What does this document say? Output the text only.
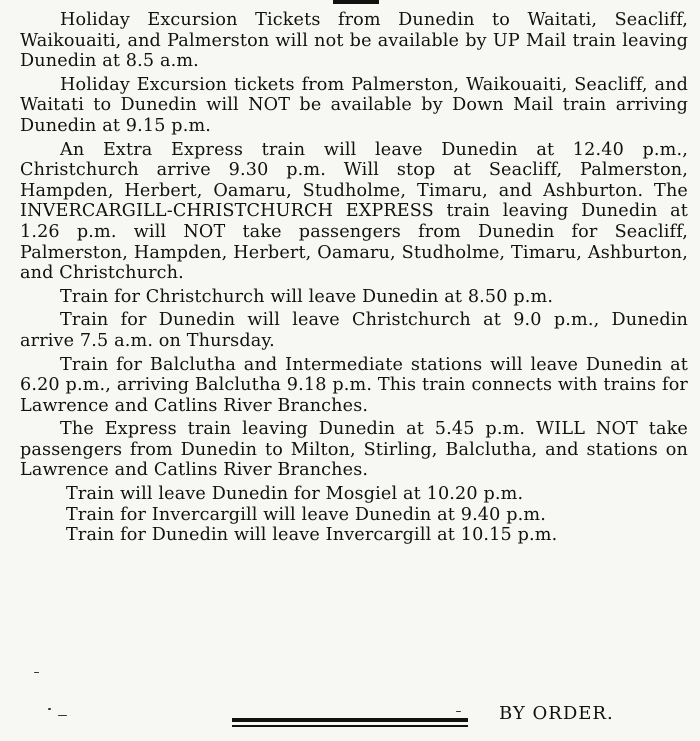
Holiday Excursion Tickets from Dunedin to Waitati, Seacliff, Waikouaiti, and Palmerston will not be available by UP Mail train leaving Dunedin at 8.5 a.m.

Holiday Excursion tickets from Palmerston, Waikouaiti, Seacliff, and Waitati to Dunedin will NOT be available by Down Mail train arriving Dunedin at 9.15 p.m.

An Extra Express train will leave Dunedin at 12.40 p.m., Christchurch arrive 9.30 p.m. Will stop at Seacliff, Palmerston, Hampden, Herbert, Oamaru, Studholme, Timaru, and Ashburton. The INVERCARGILL-CHRISTCHURCH EXPRESS train leaving Dunedin at 1.26 p.m. will NOT take passengers from Dunedin for Seacliff, Palmerston, Hampden, Herbert, Oamaru, Studholme, Timaru, Ashburton, and Christchurch.

Train for Christchurch will leave Dunedin at 8.50 p.m.

Train for Dunedin will leave Christchurch at 9.0 p.m., Dunedin arrive 7.5 a.m. on Thursday.

Train for Balclutha and Intermediate stations will leave Dunedin at 6.20 p.m., arriving Balclutha 9.18 p.m. This train connects with trains for Lawrence and Catlins River Branches.

The Express train leaving Dunedin at 5.45 p.m. WILL NOT take passengers from Dunedin to Milton, Stirling, Balclutha, and stations on Lawrence and Catlins River Branches.

Train will leave Dunedin for Mosgiel at 10.20 p.m.

Train for Invercargill will leave Dunedin at 9.40 p.m.

Train for Dunedin will leave Invercargill at 10.15 p.m.

BY ORDER.
